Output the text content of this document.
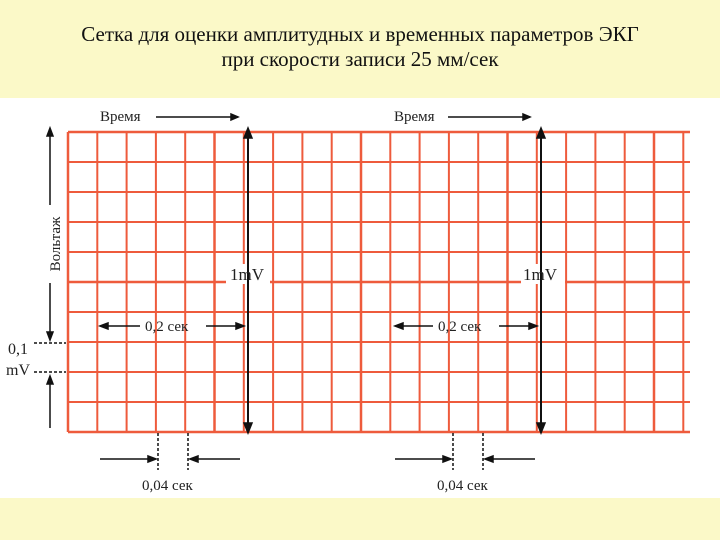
Сетка для оценки амплитудных и временных параметров ЭКГ
при скорости записи 25 мм/сек
Время	Время
1mV	1mV
0,2 сек	0,2 сек
0,04 сек	0,04 сек
Вольтаж
0,1
mV
